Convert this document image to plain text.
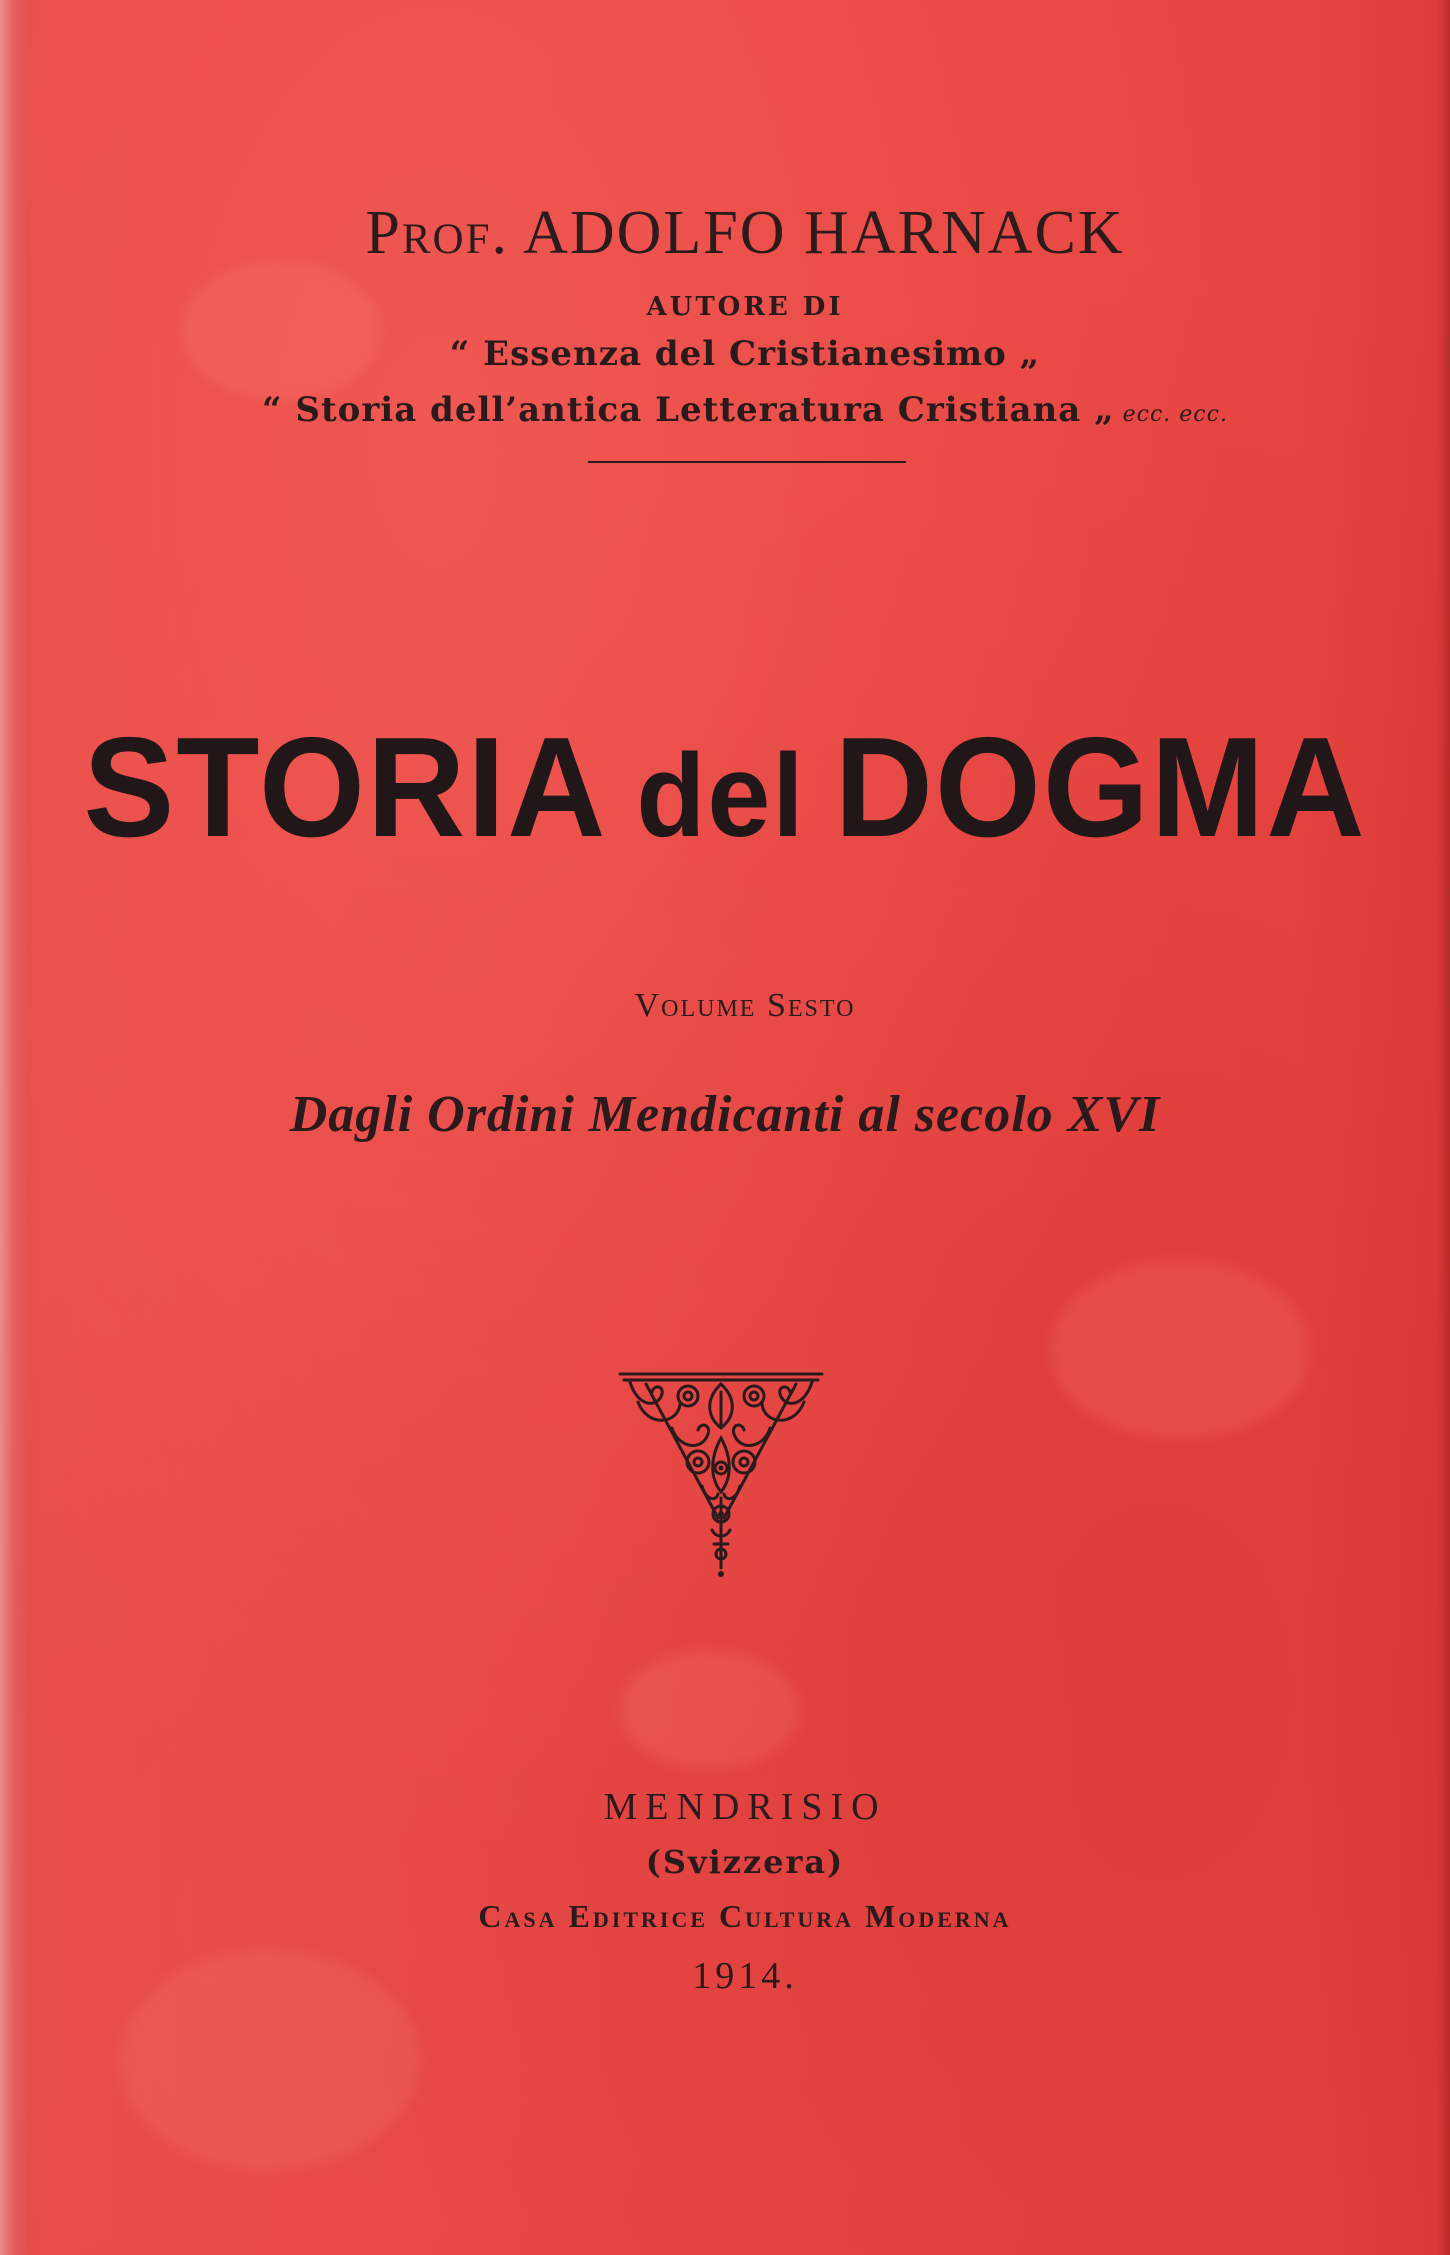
Prof. ADOLFO HARNACK
AUTORE DI
“ Essenza del Cristianesimo „
“ Storia dell’antica Letteratura Cristiana „ ecc. ecc.
STORIA del DOGMA
Volume Sesto
Dagli Ordini Mendicanti al secolo XVI
MENDRISIO
(Svizzera)
Casa Editrice Cultura Moderna
1914.
